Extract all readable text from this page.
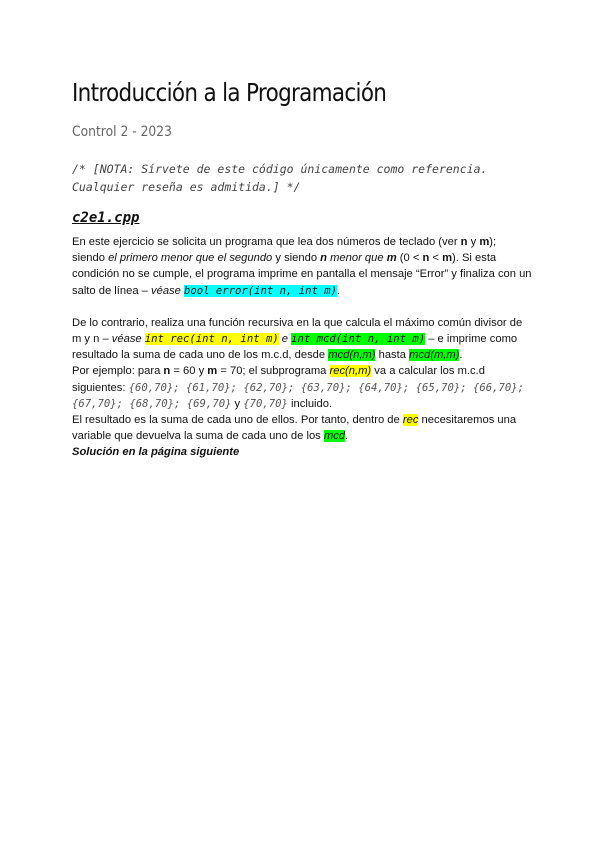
Introducción a la Programación

Control 2 - 2023

/* [NOTA: Sírvete de este código únicamente como referencia. Cualquier reseña es admitida.] */

c2e1.cpp

En este ejercicio se solicita un programa que lea dos números de teclado (ver n y m); siendo el primero menor que el segundo y siendo n menor que m (0 < n < m). Si esta condición no se cumple, el programa imprime en pantalla el mensaje “Error” y finaliza con un salto de línea – véase bool error(int n, int m).

De lo contrario, realiza una función recursiva en la que calcula el máximo común divisor de m y n – véase int rec(int n, int m) e int mcd(int n, int m) – e imprime como resultado la suma de cada uno de los m.c.d, desde mcd(n,m) hasta mcd(m,m).

Por ejemplo: para n = 60 y m = 70; el subprograma rec(n,m) va a calcular los m.c.d siguientes: {60,70}; {61,70}; {62,70}; {63,70}; {64,70}; {65,70}; {66,70}; {67,70}; {68,70}; {69,70} y {70,70} incluido.

El resultado es la suma de cada uno de ellos. Por tanto, dentro de rec necesitaremos una variable que devuelva la suma de cada uno de los mcd.

Solución en la página siguiente
